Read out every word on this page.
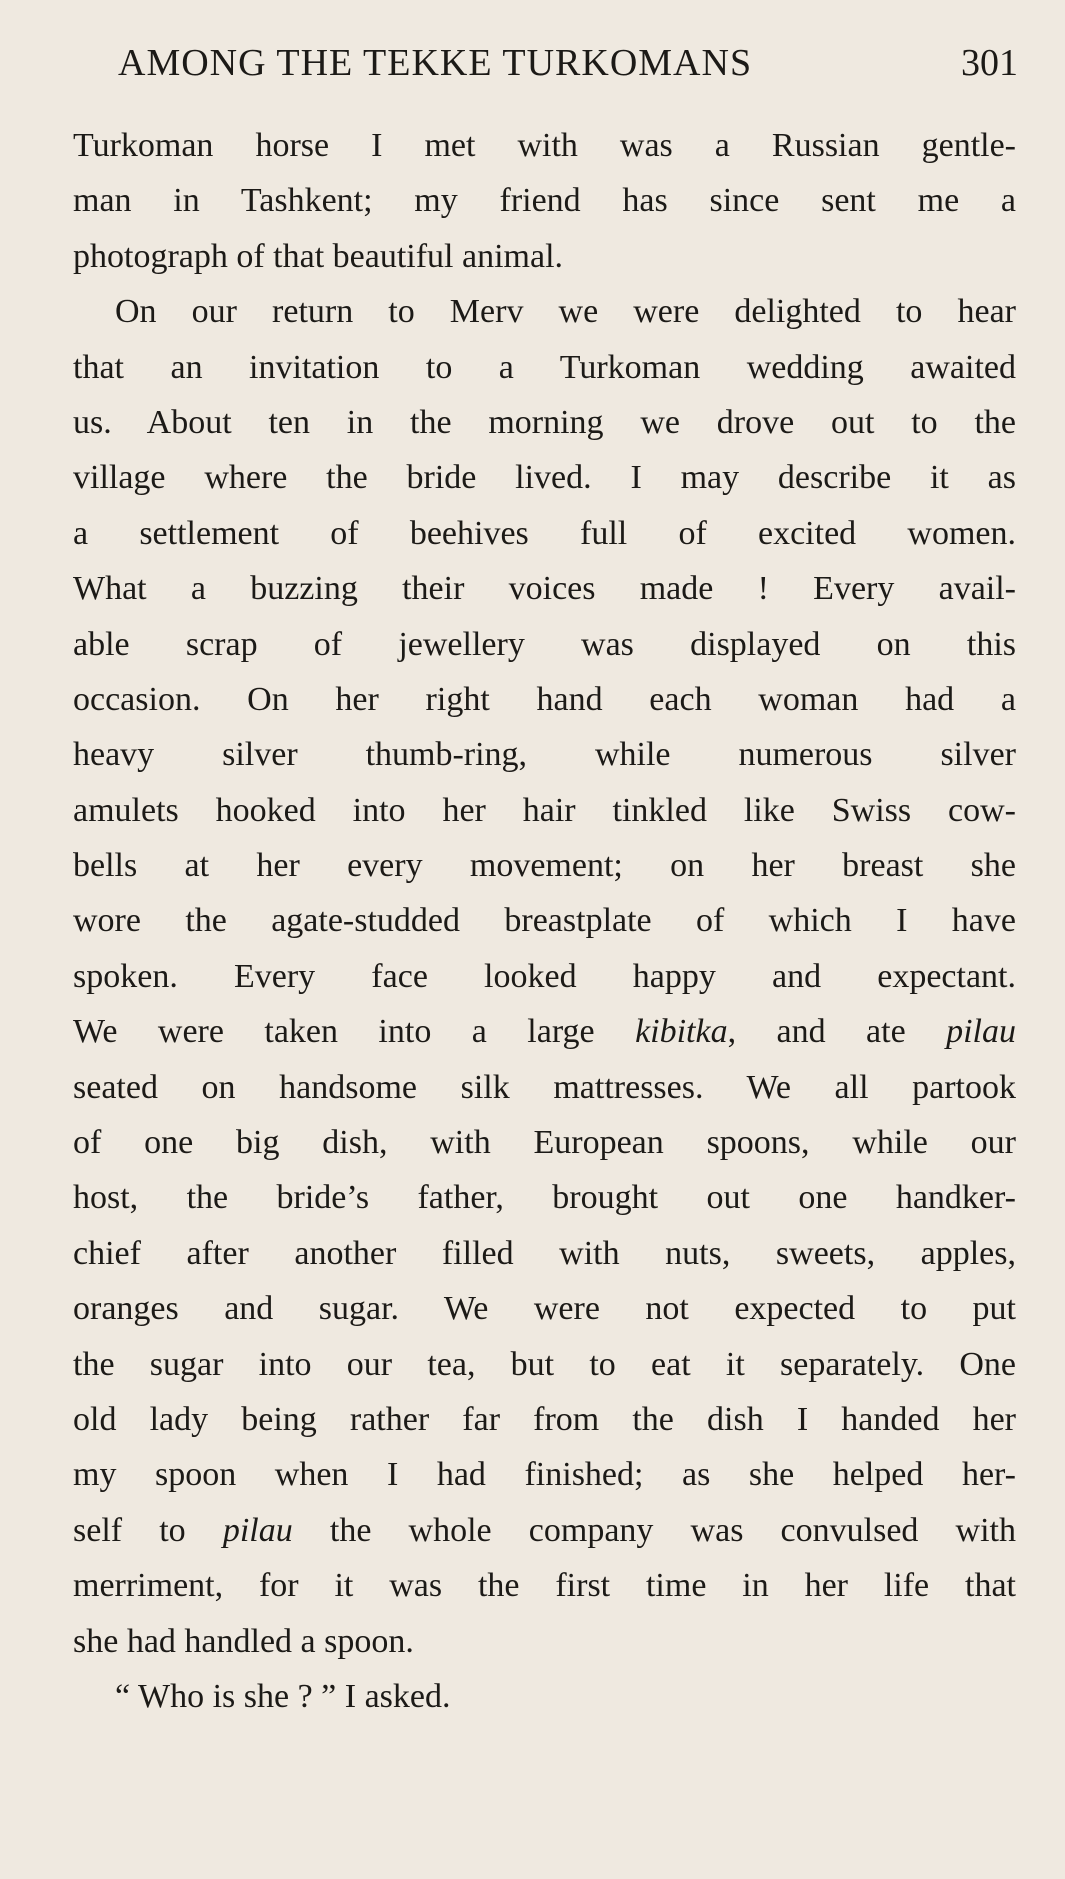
AMONG THE TEKKE TURKOMANS	301
Turkoman horse I met with was a Russian gentle-
man in Tashkent; my friend has since sent me a
photograph of that beautiful animal.
On our return to Merv we were delighted to hear
that an invitation to a Turkoman wedding awaited
us. About ten in the morning we drove out to the
village where the bride lived. I may describe it as
a settlement of beehives full of excited women.
What a buzzing their voices made ! Every avail-
able scrap of jewellery was displayed on this
occasion. On her right hand each woman had a
heavy silver thumb-ring, while numerous silver
amulets hooked into her hair tinkled like Swiss cow-
bells at her every movement; on her breast she
wore the agate-studded breastplate of which I have
spoken. Every face looked happy and expectant.
We were taken into a large kibitka, and ate pilau
seated on handsome silk mattresses. We all partook
of one big dish, with European spoons, while our
host, the bride’s father, brought out one handker-
chief after another filled with nuts, sweets, apples,
oranges and sugar. We were not expected to put
the sugar into our tea, but to eat it separately. One
old lady being rather far from the dish I handed her
my spoon when I had finished; as she helped her-
self to pilau the whole company was convulsed with
merriment, for it was the first time in her life that
she had handled a spoon.
“ Who is she ? ” I asked.
